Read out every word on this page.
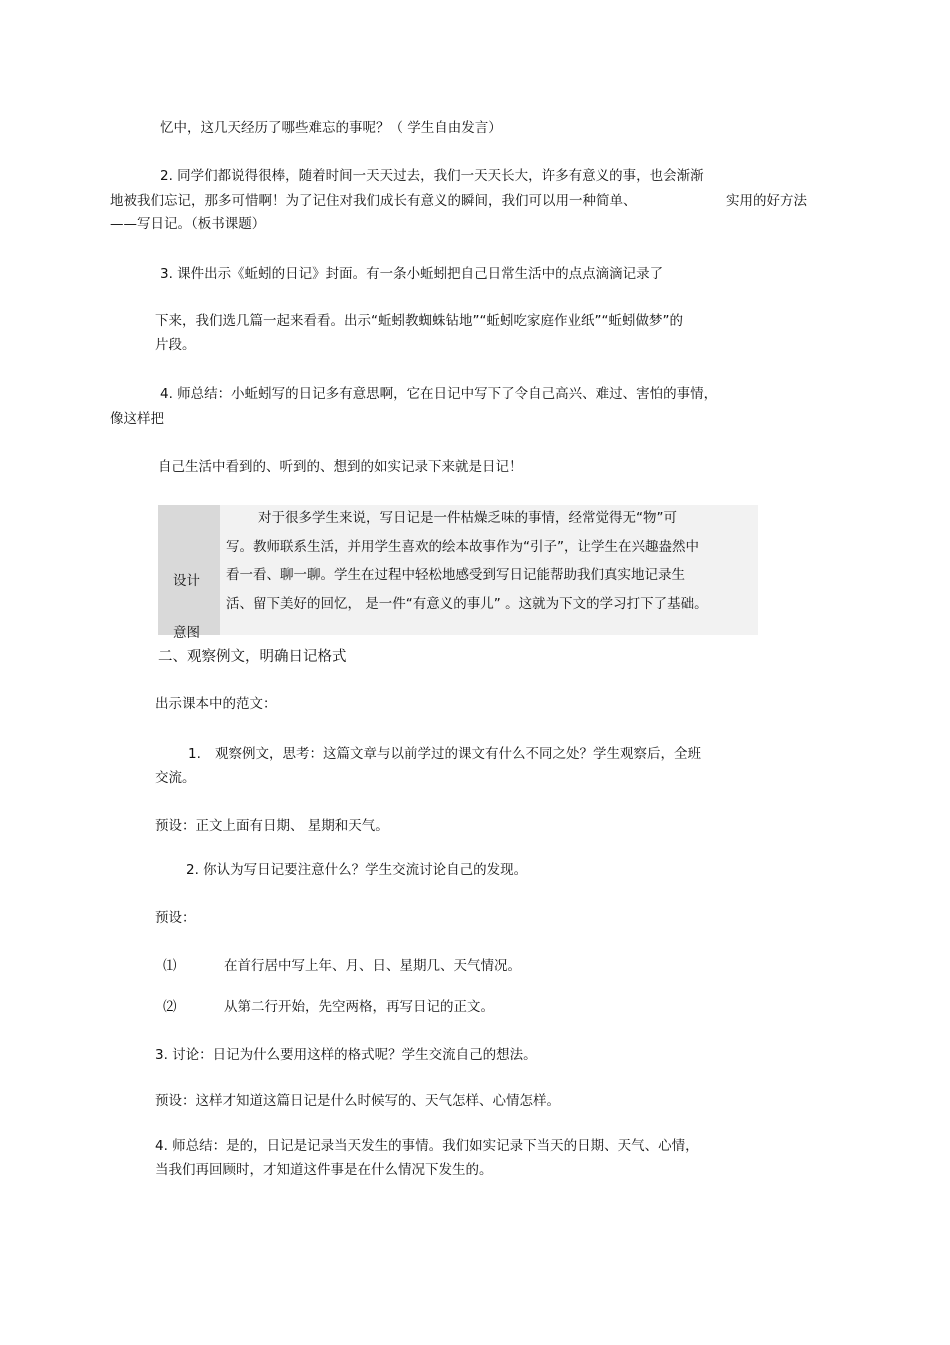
忆中，这几天经历了哪些难忘的事呢？（ 学生自由发言）
2. 同学们都说得很棒，随着时间一天天过去，我们一天天长大，许多有意义的事，也会渐渐
地被我们忘记，那多可惜啊！为了记住对我们成长有意义的瞬间，我们可以用一种简单、	实用的好方法
——写日记。（板书课题）
3. 课件出示《蚯蚓的日记》封面。有一条小蚯蚓把自己日常生活中的点点滴滴记录了
下来，我们选几篇一起来看看。出示“蚯蚓教蜘蛛钻地”“蚯蚓吃家庭作业纸”“蚯蚓做梦”的
片段。
4. 师总结：小蚯蚓写的日记多有意思啊，它在日记中写下了令自己高兴、难过、害怕的事情，
像这样把
自己生活中看到的、听到的、想到的如实记录下来就是日记！
设计
意图
对于很多学生来说，写日记是一件枯燥乏味的事情，经常觉得无“物”可
写。教师联系生活，并用学生喜欢的绘本故事作为“引子”，让学生在兴趣盎然中
看一看、聊一聊。学生在过程中轻松地感受到写日记能帮助我们真实地记录生
活、留下美好的回忆， 是一件“有意义的事儿” 。这就为下文的学习打下了基础。
二、观察例文，明确日记格式
出示课本中的范文：
1. 观察例文，思考：这篇文章与以前学过的课文有什么不同之处？学生观察后，全班
交流。
预设：正文上面有日期、 星期和天气。
2. 你认为写日记要注意什么？学生交流讨论自己的发现。
预设：
⑴	在首行居中写上年、月、日、星期几、天气情况。
⑵	从第二行开始，先空两格，再写日记的正文。
3. 讨论：日记为什么要用这样的格式呢？学生交流自己的想法。
预设：这样才知道这篇日记是什么时候写的、天气怎样、心情怎样。
4. 师总结：是的，日记是记录当天发生的事情。我们如实记录下当天的日期、天气、心情，
当我们再回顾时，才知道这件事是在什么情况下发生的。
